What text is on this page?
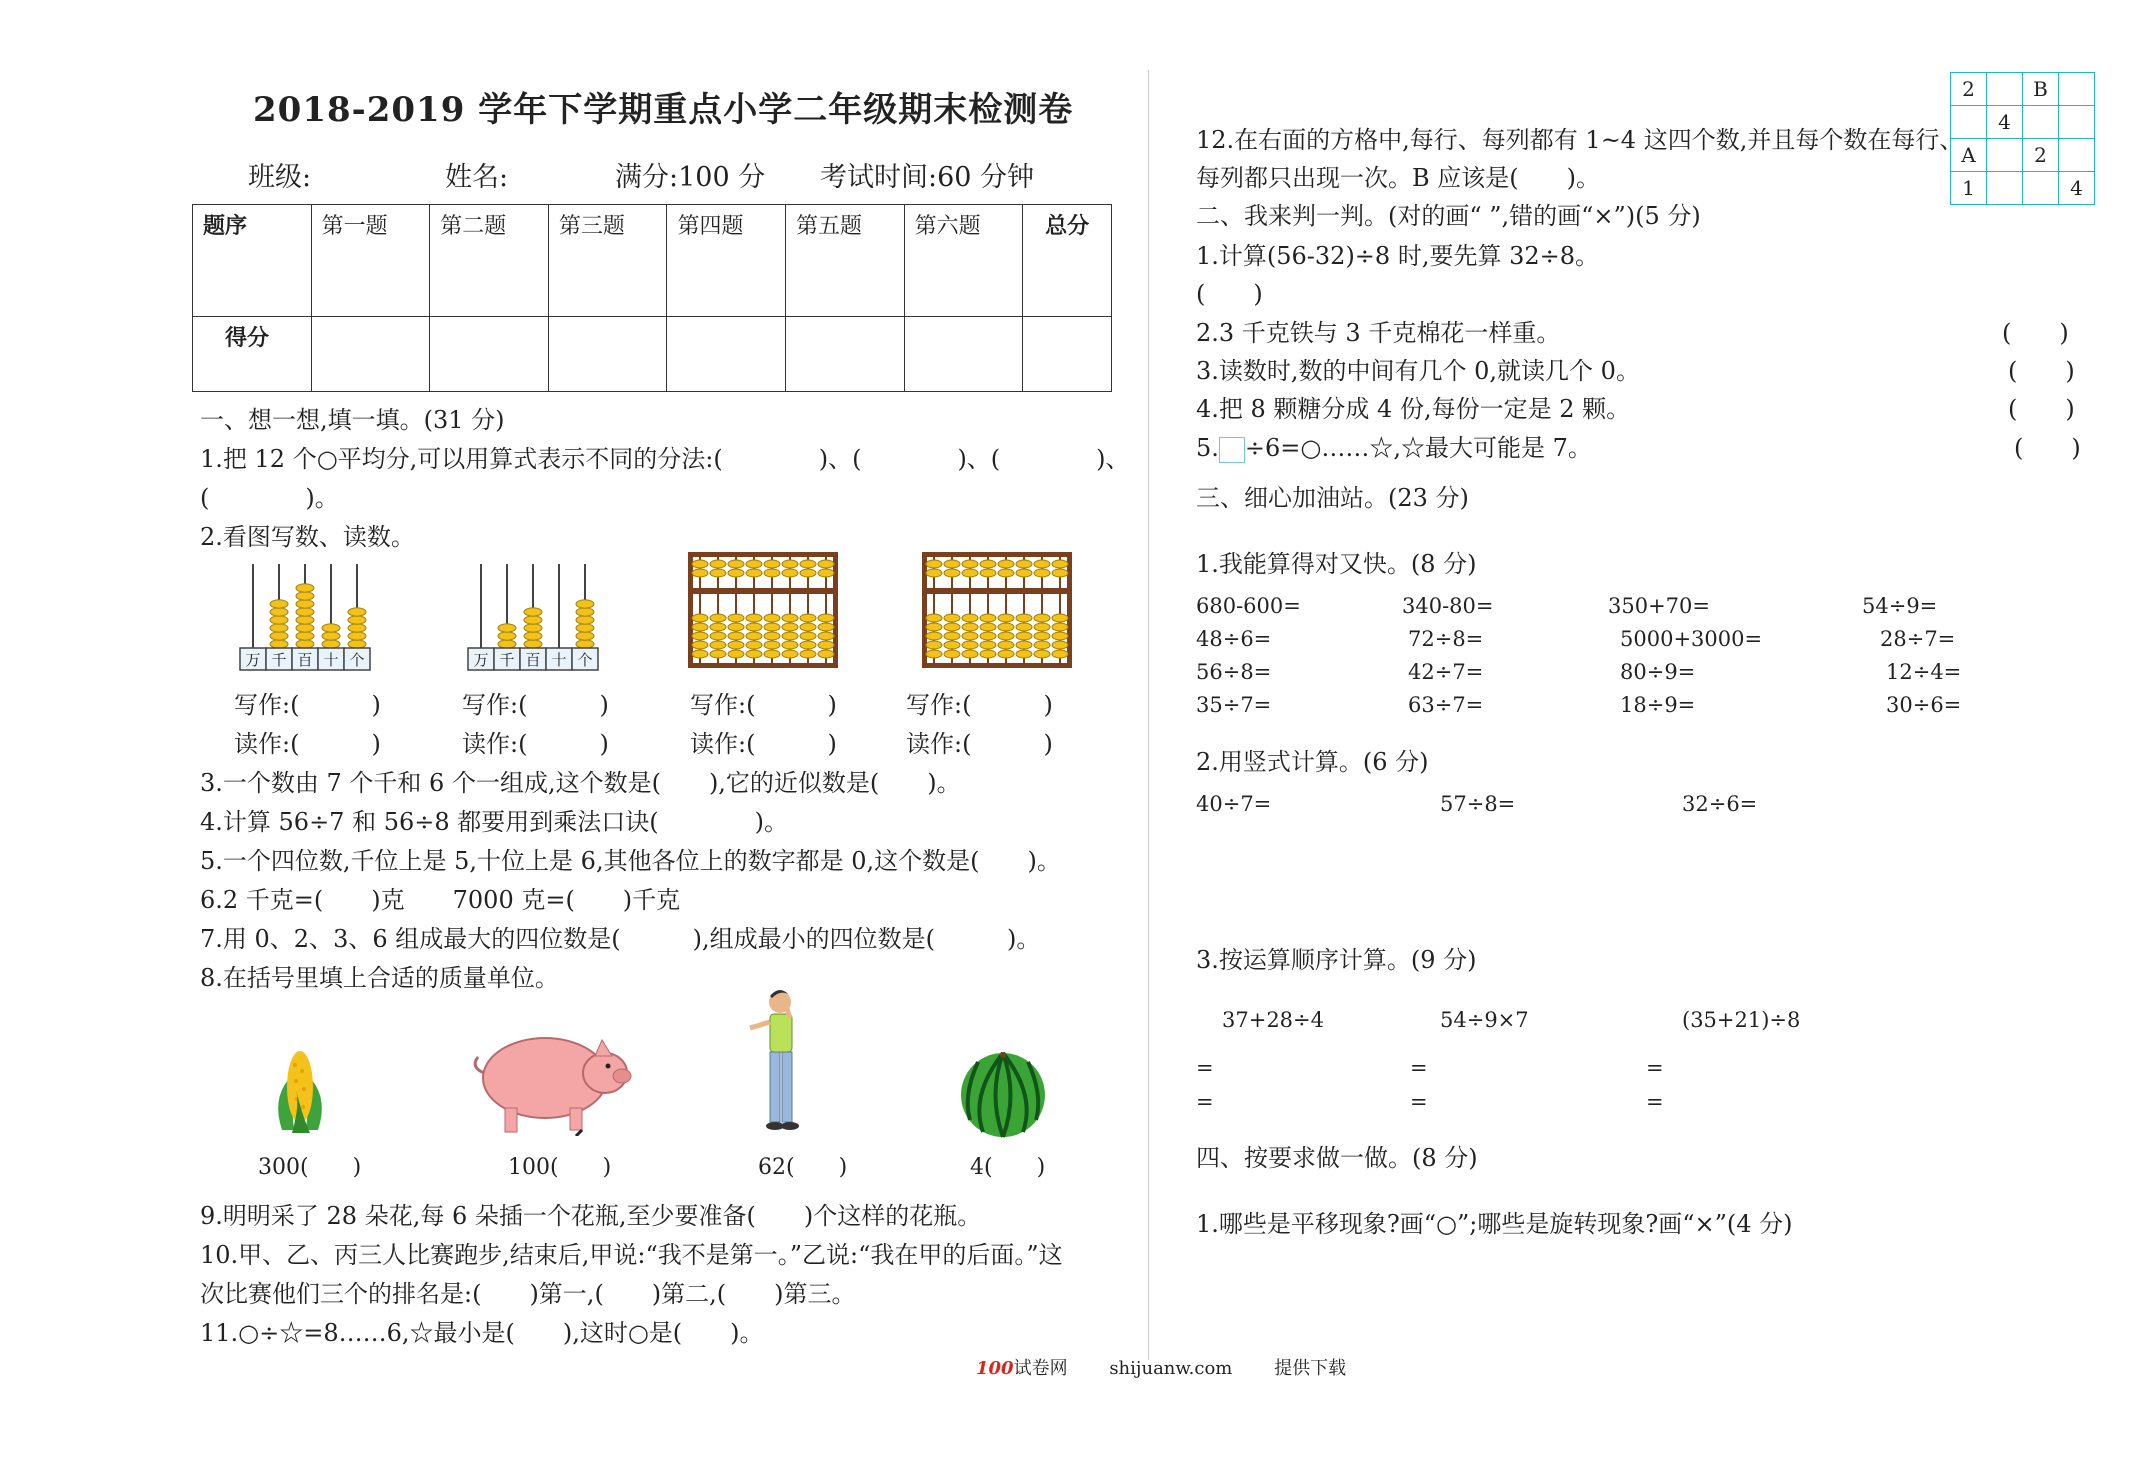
2018-2019 学年下学期重点小学二年级期末检测卷
班级:	姓名:	满分:100 分 考试时间:60 分钟
题序	第一题	第二题	第三题	第四题	第五题	第六题	总分
得分							
一、想一想,填一填。(31 分)
1.把 12 个○平均分,可以用算式表示不同的分法:(　　　　)、(　　　　)、(　　　　)、
(　　　　)。
2.看图写数、读数。
万 千 百 十 个	万 千 百 十 个
写作:(　　　)	写作:(　　　)	写作:(　　　)	写作:(　　　)
读作:(　　　)	读作:(　　　)	读作:(　　　)	读作:(　　　)
3.一个数由 7 个千和 6 个一组成,这个数是(　　),它的近似数是(　　)。
4.计算 56÷7 和 56÷8 都要用到乘法口诀(　　　　)。
5.一个四位数,千位上是 5,十位上是 6,其他各位上的数字都是 0,这个数是(　　)。
6.2 千克=(　　)克　　7000 克=(　　)千克
7.用 0、2、3、6 组成最大的四位数是(　　　),组成最小的四位数是(　　　)。
8.在括号里填上合适的质量单位。
300(　　)	100(　　)	62(　　)	4(　　)
9.明明采了 28 朵花,每 6 朵插一个花瓶,至少要准备(　　)个这样的花瓶。
10.甲、乙、丙三人比赛跑步,结束后,甲说:“我不是第一。”乙说:“我在甲的后面。”这
次比赛他们三个的排名是:(　　)第一,(　　)第二,(　　)第三。
11.○÷☆=8……6,☆最小是(　　),这时○是(　　)。
2		B	
	4		
A		2	
1			4
12.在右面的方格中,每行、每列都有 1~4 这四个数,并且每个数在每行、
每列都只出现一次。B 应该是(　　)。
二、我来判一判。(对的画“ ”,错的画“×”)(5 分)
1.计算(56-32)÷8 时,要先算 32÷8。
(　　)
2.3 千克铁与 3 千克棉花一样重。	(　　)
3.读数时,数的中间有几个 0,就读几个 0。	(　　)
4.把 8 颗糖分成 4 份,每份一定是 2 颗。	(　　)
5. ÷6=○……☆,☆最大可能是 7。	(　　)
三、细心加油站。(23 分)
1.我能算得对又快。(8 分)
680-600=	340-80=	350+70=	54÷9=
48÷6=	72÷8=	5000+3000=	28÷7=
56÷8=	42÷7=	80÷9=	12÷4=
35÷7=	63÷7=	18÷9=	30÷6=
2.用竖式计算。(6 分)
40÷7=	57÷8=	32÷6=
3.按运算顺序计算。(9 分)
37+28÷4	54÷9×7	(35+21)÷8
=	=	=
=	=	=
四、按要求做一做。(8 分)
1.哪些是平移现象?画“○”;哪些是旋转现象?画“×”(4 分)
100试卷网 shijuanw.com 提供下载
